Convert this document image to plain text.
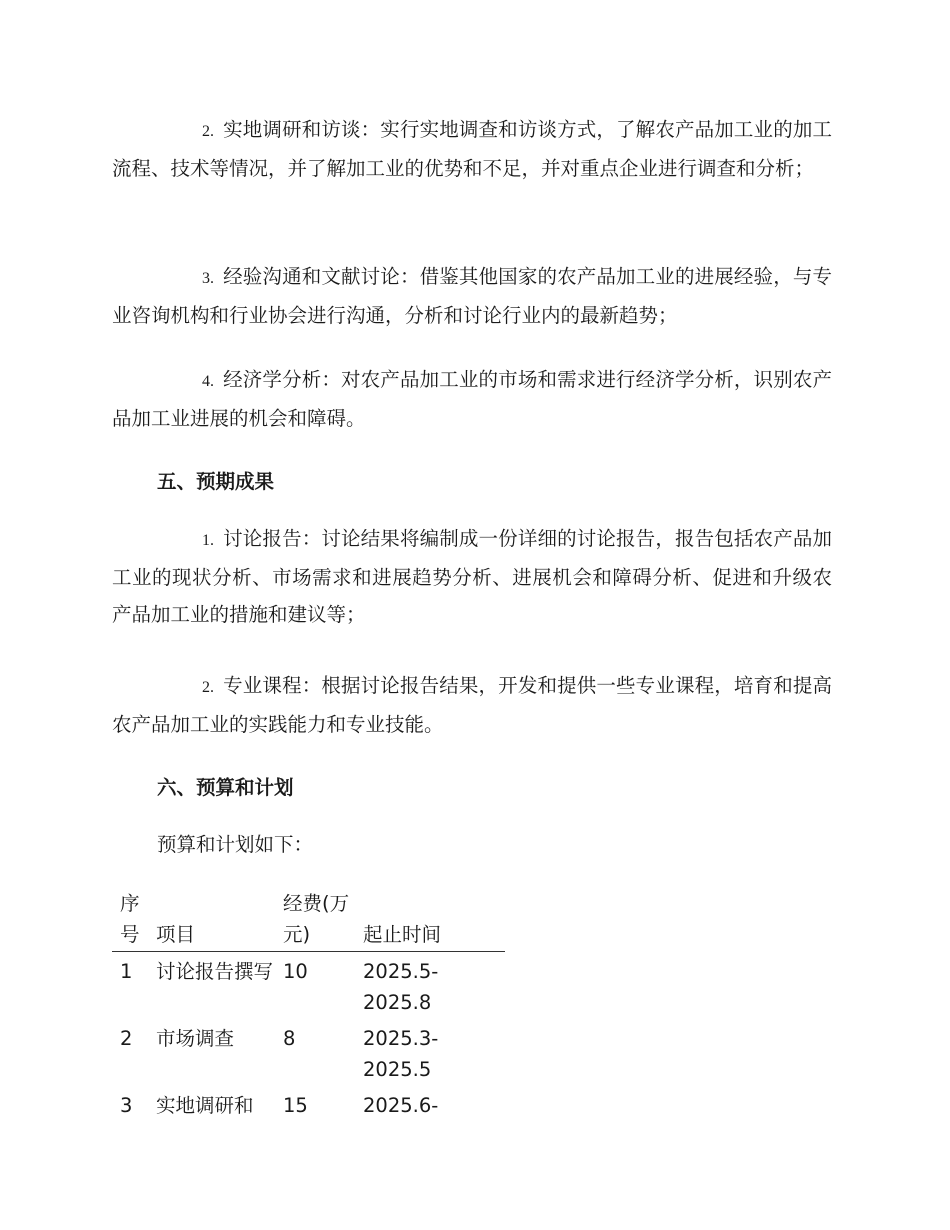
2. 实地调研和访谈：实行实地调查和访谈方式，了解农产品加工业的加工流程、技术等情况，并了解加工业的优势和不足，并对重点企业进行调查和分析；

3. 经验沟通和文献讨论：借鉴其他国家的农产品加工业的进展经验，与专业咨询机构和行业协会进行沟通，分析和讨论行业内的最新趋势；

4. 经济学分析：对农产品加工业的市场和需求进行经济学分析，识别农产品加工业进展的机会和障碍。

五、预期成果

1. 讨论报告：讨论结果将编制成一份详细的讨论报告，报告包括农产品加工业的现状分析、市场需求和进展趋势分析、进展机会和障碍分析、促进和升级农产品加工业的措施和建议等；

2. 专业课程：根据讨论报告结果，开发和提供一些专业课程，培育和提高农产品加工业的实践能力和专业技能。

六、预算和计划

预算和计划如下：

序号	项目	经费(万元)	起止时间
1	讨论报告撰写	10	2025.5-2025.8
2	市场调查	8	2025.3-2025.5
3	实地调研和	15	2025.6-
